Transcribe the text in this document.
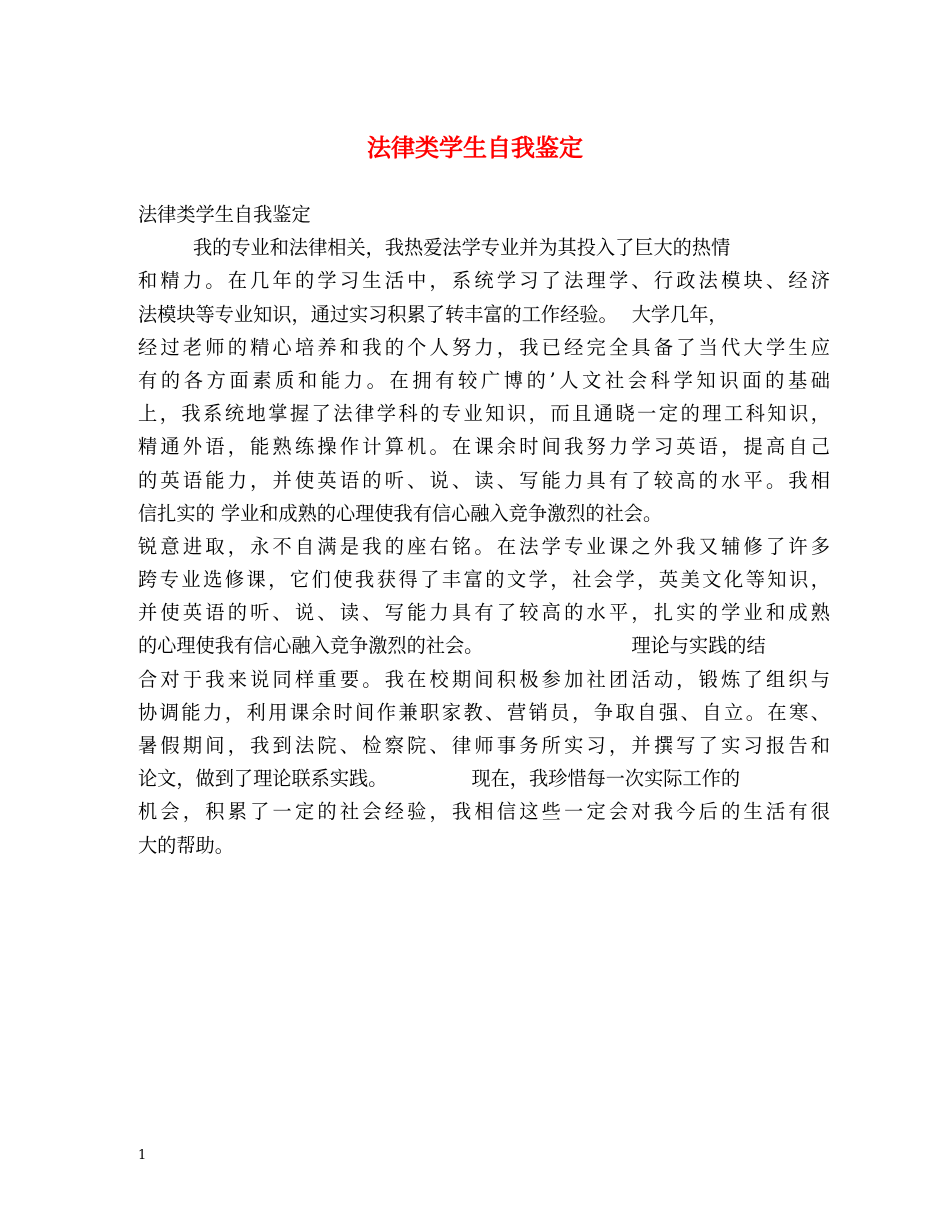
法律类学生自我鉴定
法律类学生自我鉴定
我的专业和法律相关，我热爱法学专业并为其投入了巨大的热情
和精力。在几年的学习生活中，系统学习了法理学、行政法模块、经济
法模块等专业知识，通过实习积累了转丰富的工作经验。 大学几年，
经过老师的精心培养和我的个人努力，我已经完全具备了当代大学生应
有的各方面素质和能力。在拥有较广博的’人文社会科学知识面的基础
上，我系统地掌握了法律学科的专业知识，而且通晓一定的理工科知识，
精通外语，能熟练操作计算机。在课余时间我努力学习英语，提高自己
的英语能力，并使英语的听、说、读、写能力具有了较高的水平。我相
信扎实的 学业和成熟的心理使我有信心融入竞争激烈的社会。
锐意进取，永不自满是我的座右铭。在法学专业课之外我又辅修了许多
跨专业选修课，它们使我获得了丰富的文学，社会学，英美文化等知识，
并使英语的听、说、读、写能力具有了较高的水平，扎实的学业和成熟
的心理使我有信心融入竞争激烈的社会。	理论与实践的结
合对于我来说同样重要。我在校期间积极参加社团活动，锻炼了组织与
协调能力，利用课余时间作兼职家教、营销员，争取自强、自立。在寒、
暑假期间，我到法院、检察院、律师事务所实习，并撰写了实习报告和
论文，做到了理论联系实践。	现在，我珍惜每一次实际工作的
机会，积累了一定的社会经验，我相信这些一定会对我今后的生活有很
大的帮助。
1
